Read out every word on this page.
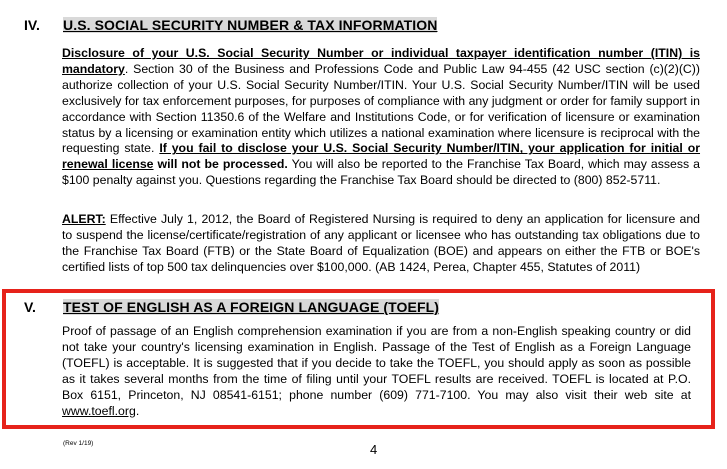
IV. U.S. SOCIAL SECURITY NUMBER & TAX INFORMATION
Disclosure of your U.S. Social Security Number or individual taxpayer identification number (ITIN) is mandatory. Section 30 of the Business and Professions Code and Public Law 94-455 (42 USC section (c)(2)(C)) authorize collection of your U.S. Social Security Number/ITIN. Your U.S. Social Security Number/ITIN will be used exclusively for tax enforcement purposes, for purposes of compliance with any judgment or order for family support in accordance with Section 11350.6 of the Welfare and Institutions Code, or for verification of licensure or examination status by a licensing or examination entity which utilizes a national examination where licensure is reciprocal with the requesting state. If you fail to disclose your U.S. Social Security Number/ITIN, your application for initial or renewal license will not be processed. You will also be reported to the Franchise Tax Board, which may assess a $100 penalty against you. Questions regarding the Franchise Tax Board should be directed to (800) 852-5711.
ALERT: Effective July 1, 2012, the Board of Registered Nursing is required to deny an application for licensure and to suspend the license/certificate/registration of any applicant or licensee who has outstanding tax obligations due to the Franchise Tax Board (FTB) or the State Board of Equalization (BOE) and appears on either the FTB or BOE's certified lists of top 500 tax delinquencies over $100,000. (AB 1424, Perea, Chapter 455, Statutes of 2011)
V. TEST OF ENGLISH AS A FOREIGN LANGUAGE (TOEFL)
Proof of passage of an English comprehension examination if you are from a non-English speaking country or did not take your country's licensing examination in English. Passage of the Test of English as a Foreign Language (TOEFL) is acceptable. It is suggested that if you decide to take the TOEFL, you should apply as soon as possible as it takes several months from the time of filing until your TOEFL results are received. TOEFL is located at P.O. Box 6151, Princeton, NJ 08541-6151; phone number (609) 771-7100. You may also visit their web site at www.toefl.org.
(Rev 1/19)	4
